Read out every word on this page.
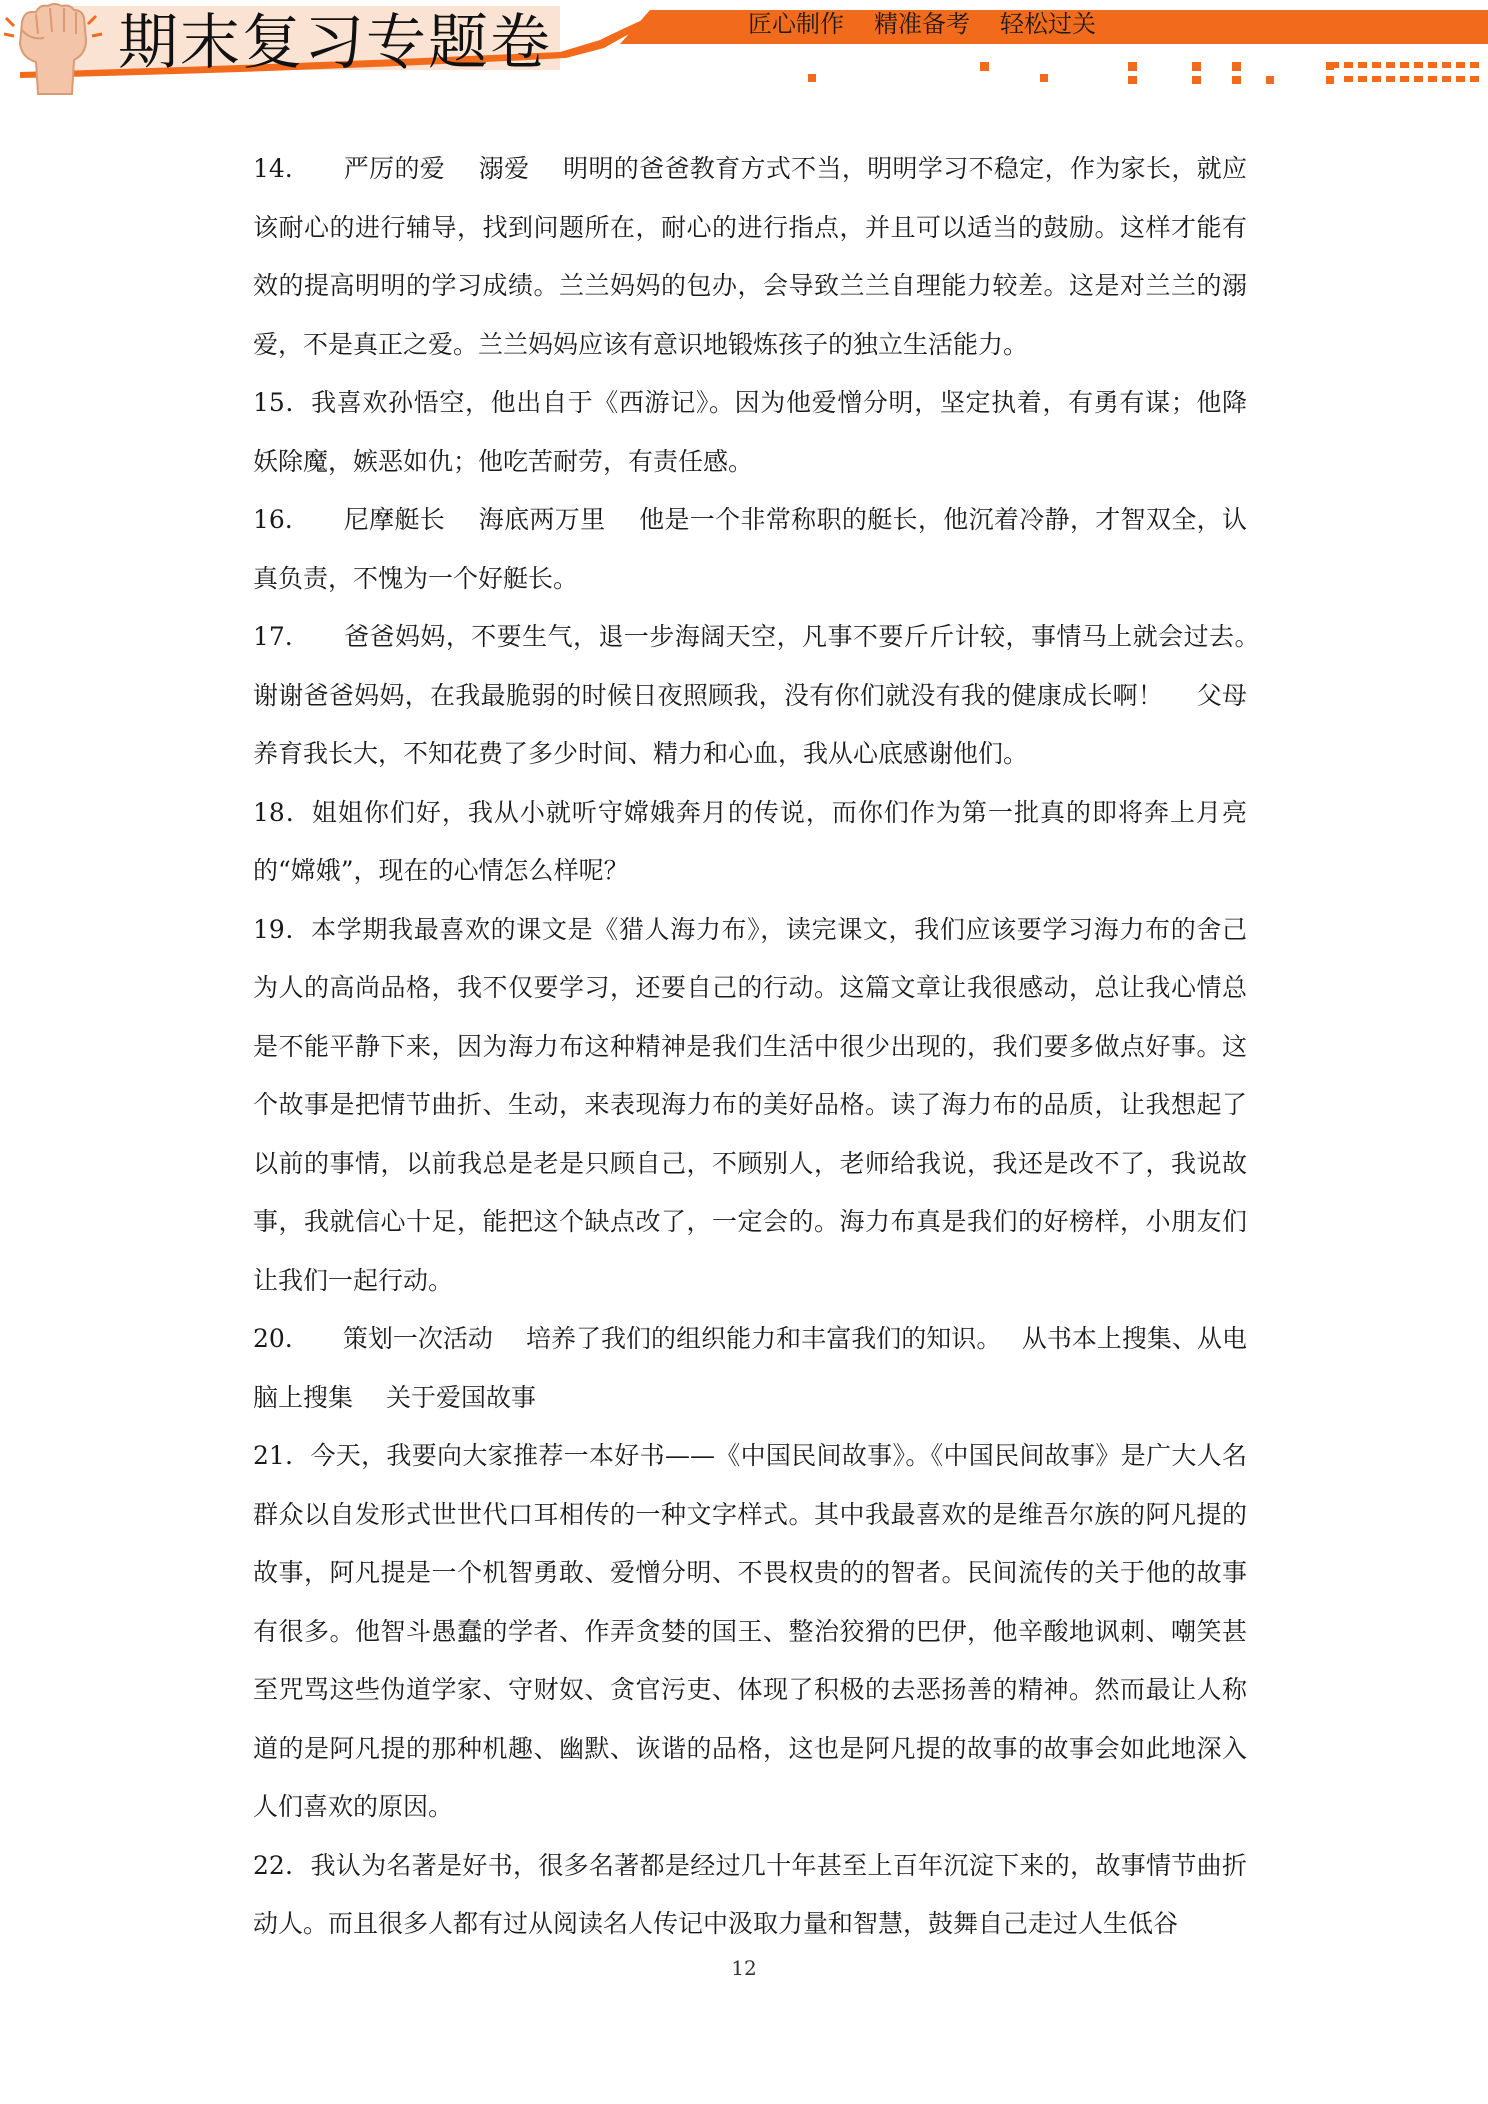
期末复习专题卷	匠心制作 精准备考 轻松过关

14.　　严厉的爱　 溺爱　 明明的爸爸教育方式不当，明明学习不稳定，作为家长，就应该耐心的进行辅导，找到问题所在，耐心的进行指点，并且可以适当的鼓励。这样才能有效的提高明明的学习成绩。兰兰妈妈的包办，会导致兰兰自理能力较差。这是对兰兰的溺爱，不是真正之爱。兰兰妈妈应该有意识地锻炼孩子的独立生活能力。

15．我喜欢孙悟空，他出自于《西游记》。因为他爱憎分明，坚定执着，有勇有谋；他降妖除魔，嫉恶如仇；他吃苦耐劳，有责任感。

16.　　尼摩艇长　 海底两万里　 他是一个非常称职的艇长，他沉着冷静，才智双全，认真负责，不愧为一个好艇长。

17.　　爸爸妈妈，不要生气，退一步海阔天空，凡事不要斤斤计较，事情马上就会过去。　 谢谢爸爸妈妈，在我最脆弱的时候日夜照顾我，没有你们就没有我的健康成长啊！　 父母养育我长大，不知花费了多少时间、精力和心血，我从心底感谢他们。

18．姐姐你们好，我从小就听守嫦娥奔月的传说，而你们作为第一批真的即将奔上月亮的“嫦娥”，现在的心情怎么样呢？

19．本学期我最喜欢的课文是《猎人海力布》，读完课文，我们应该要学习海力布的舍己为人的高尚品格，我不仅要学习，还要自己的行动。这篇文章让我很感动，总让我心情总是不能平静下来，因为海力布这种精神是我们生活中很少出现的，我们要多做点好事。这个故事是把情节曲折、生动，来表现海力布的美好品格。读了海力布的品质，让我想起了以前的事情，以前我总是老是只顾自己，不顾别人，老师给我说，我还是改不了，我说故事，我就信心十足，能把这个缺点改了，一定会的。海力布真是我们的好榜样，小朋友们让我们一起行动。

20.　　策划一次活动　 培养了我们的组织能力和丰富我们的知识。　 从书本上搜集、从电脑上搜集　 关于爱国故事

21．今天，我要向大家推荐一本好书——《中国民间故事》。《中国民间故事》是广大人名群众以自发形式世世代口耳相传的一种文字样式。其中我最喜欢的是维吾尔族的阿凡提的故事，阿凡提是一个机智勇敢、爱憎分明、不畏权贵的的智者。民间流传的关于他的故事有很多。他智斗愚蠢的学者、作弄贪婪的国王、整治狡猾的巴伊，他辛酸地讽刺、嘲笑甚至咒骂这些伪道学家、守财奴、贪官污吏、体现了积极的去恶扬善的精神。然而最让人称道的是阿凡提的那种机趣、幽默、诙谐的品格，这也是阿凡提的故事的故事会如此地深入人们喜欢的原因。

22．我认为名著是好书，很多名著都是经过几十年甚至上百年沉淀下来的，故事情节曲折动人。而且很多人都有过从阅读名人传记中汲取力量和智慧，鼓舞自己走过人生低谷

12
